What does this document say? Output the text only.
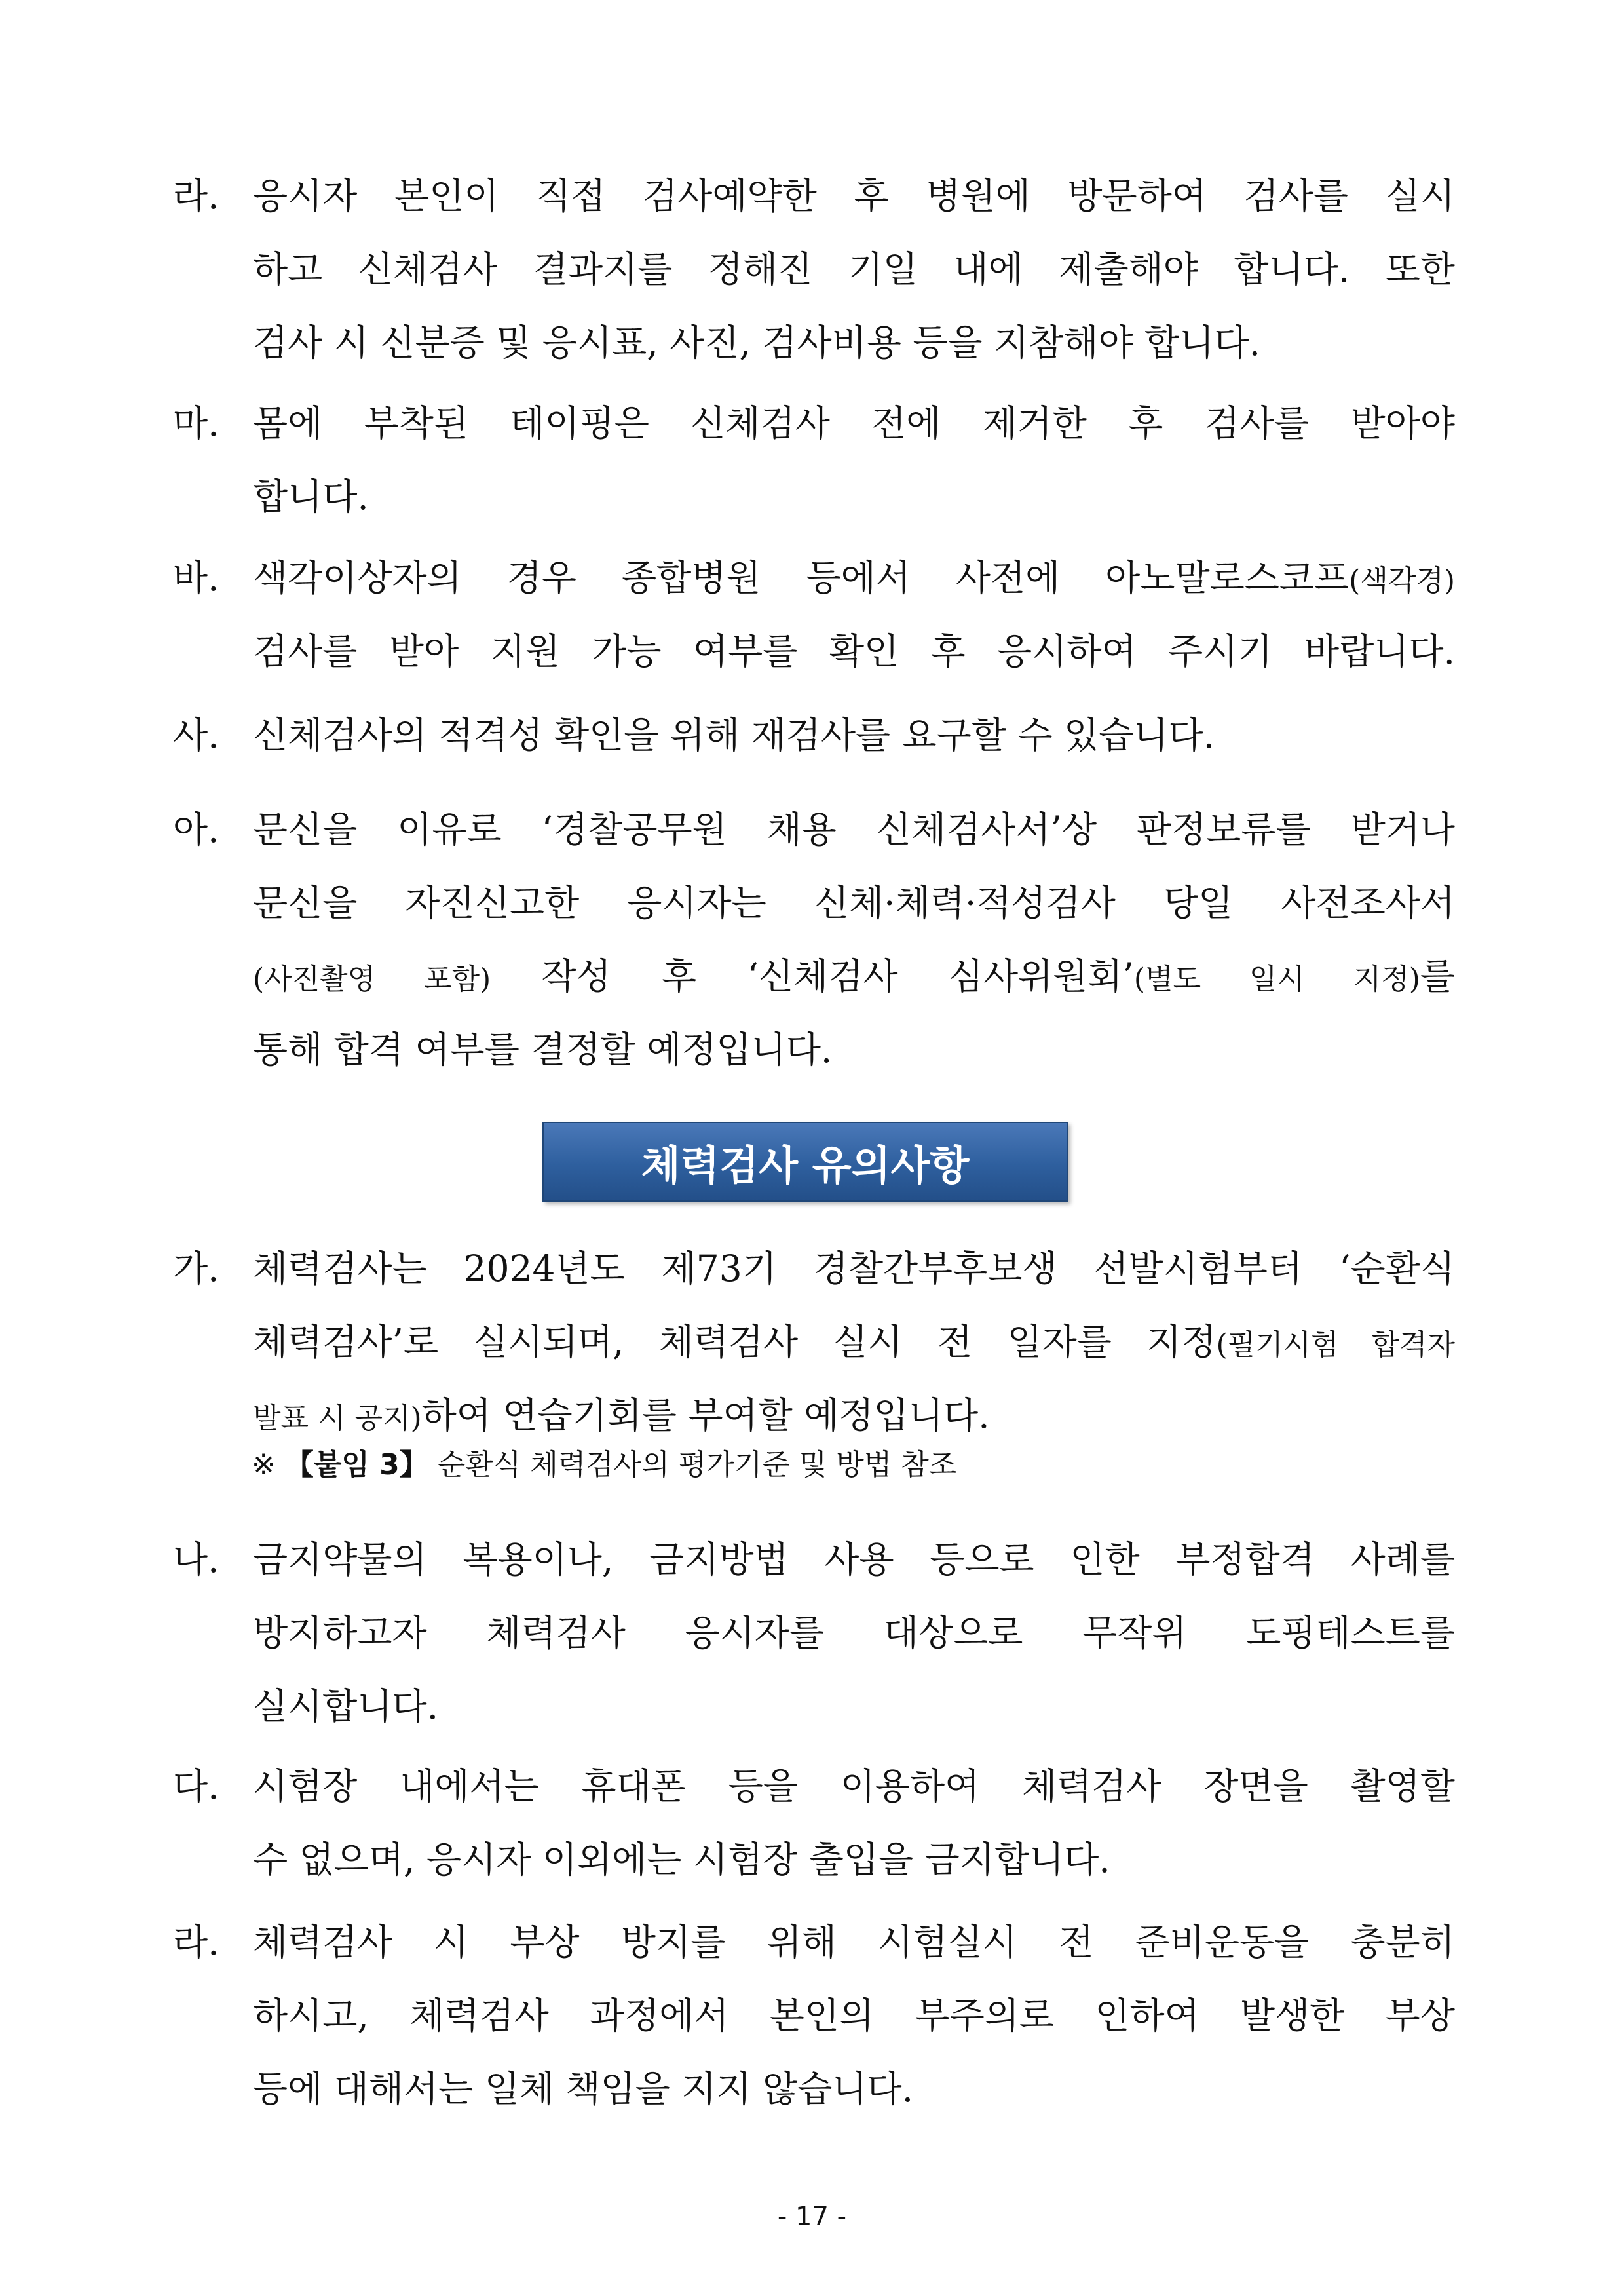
라. 응시자 본인이 직접 검사예약한 후 병원에 방문하여 검사를 실시
하고 신체검사 결과지를 정해진 기일 내에 제출해야 합니다. 또한
검사 시 신분증 및 응시표, 사진, 검사비용 등을 지참해야 합니다.
마. 몸에 부착된 테이핑은 신체검사 전에 제거한 후 검사를 받아야
합니다.
바. 색각이상자의 경우 종합병원 등에서 사전에 아노말로스코프(색각경)
검사를 받아 지원 가능 여부를 확인 후 응시하여 주시기 바랍니다.
사. 신체검사의 적격성 확인을 위해 재검사를 요구할 수 있습니다.
아. 문신을 이유로 ‘경찰공무원 채용 신체검사서’상 판정보류를 받거나
문신을 자진신고한 응시자는 신체·체력·적성검사 당일 사전조사서
(사진촬영 포함) 작성 후 ‘신체검사 심사위원회’(별도 일시 지정)를
통해 합격 여부를 결정할 예정입니다.
체력검사 유의사항
가. 체력검사는 2024년도 제73기 경찰간부후보생 선발시험부터 ‘순환식
체력검사’로 실시되며, 체력검사 실시 전 일자를 지정(필기시험 합격자
발표 시 공지)하여 연습기회를 부여할 예정입니다.
※ 【붙임 3】 순환식 체력검사의 평가기준 및 방법 참조
나. 금지약물의 복용이나, 금지방법 사용 등으로 인한 부정합격 사례를
방지하고자 체력검사 응시자를 대상으로 무작위 도핑테스트를
실시합니다.
다. 시험장 내에서는 휴대폰 등을 이용하여 체력검사 장면을 촬영할
수 없으며, 응시자 이외에는 시험장 출입을 금지합니다.
라. 체력검사 시 부상 방지를 위해 시험실시 전 준비운동을 충분히
하시고, 체력검사 과정에서 본인의 부주의로 인하여 발생한 부상
등에 대해서는 일체 책임을 지지 않습니다.
- 17 -
